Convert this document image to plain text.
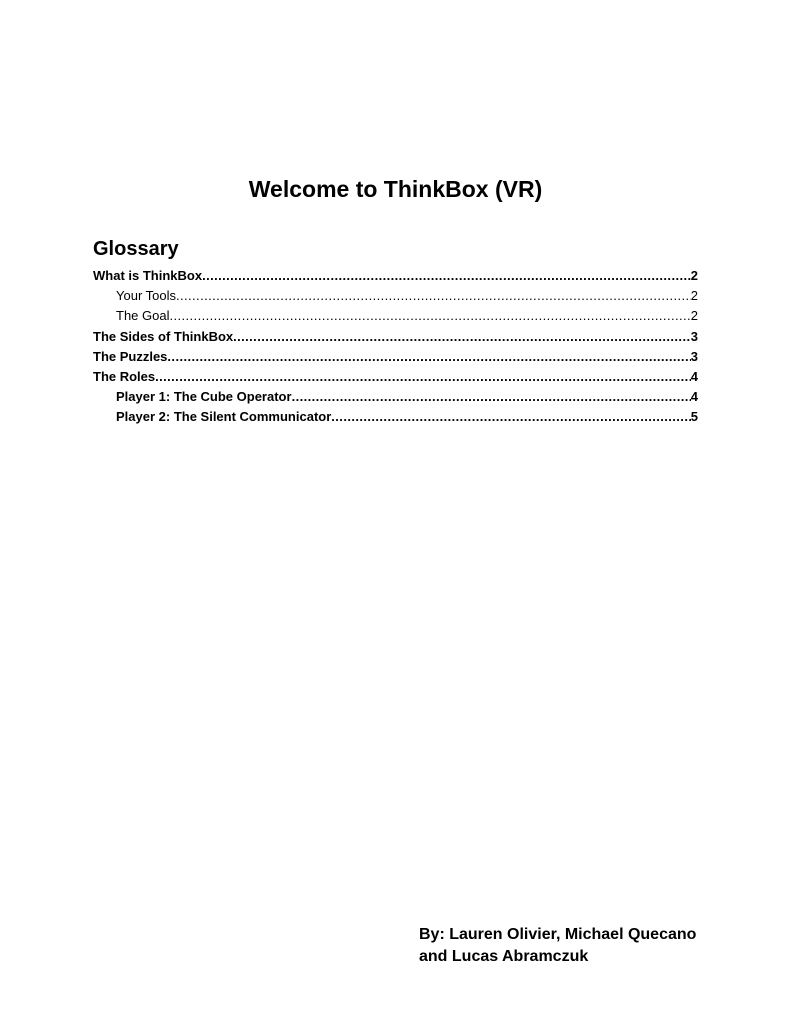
Welcome to ThinkBox (VR)
Glossary
What is ThinkBox .....	2
Your Tools .....	2
The Goal .....	2
The Sides of ThinkBox .....	3
The Puzzles .....	3
The Roles .....	4
Player 1: The Cube Operator .....	4
Player 2: The Silent Communicator .....	5

By: Lauren Olivier, Michael Quecano and Lucas Abramczuk
